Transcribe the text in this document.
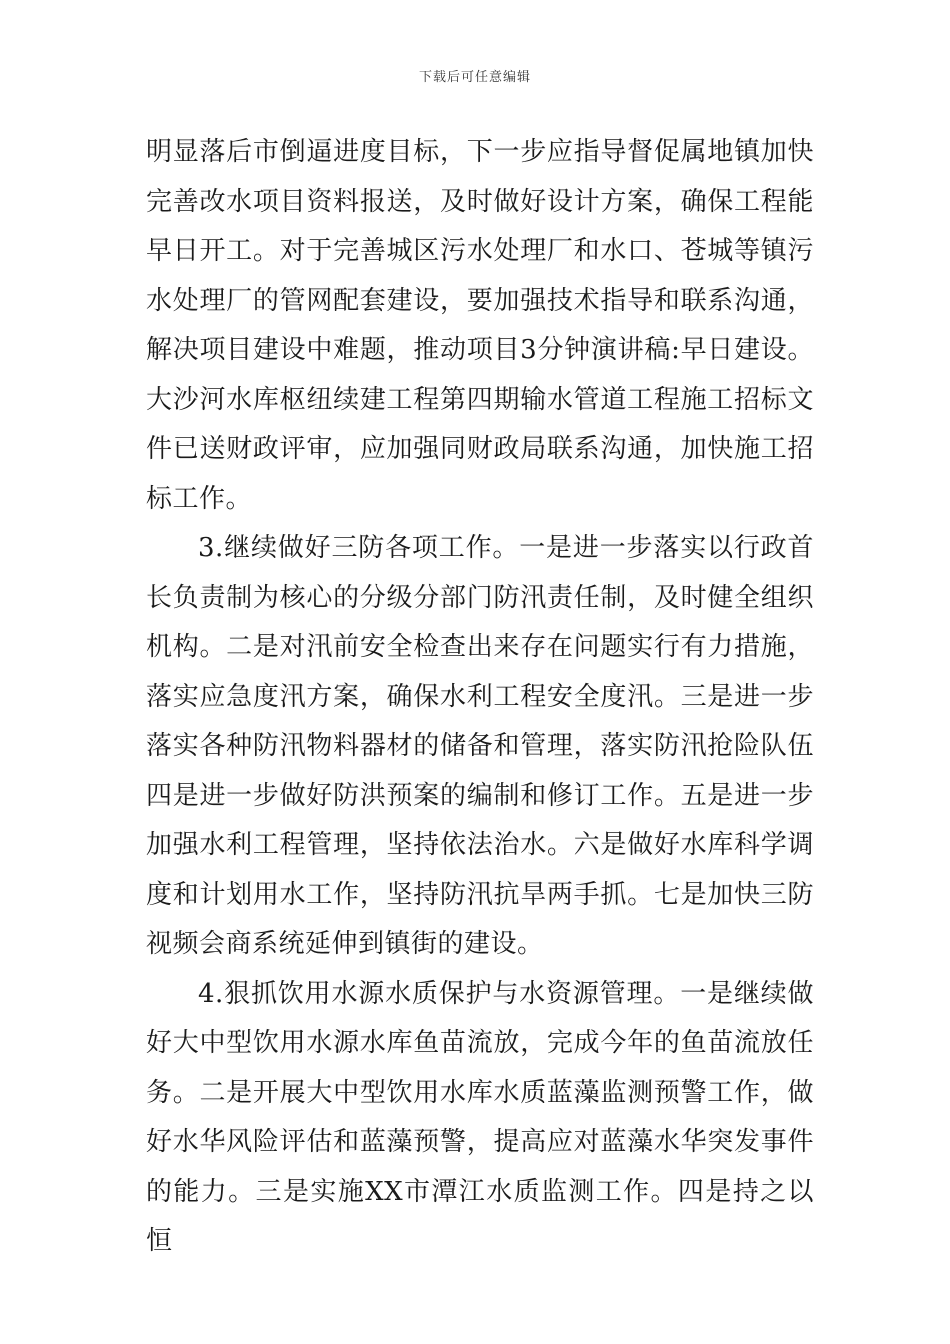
下载后可任意编辑

明显落后市倒逼进度目标，下一步应指导督促属地镇加快完善改水项目资料报送，及时做好设计方案，确保工程能早日开工。对于完善城区污水处理厂和水口、苍城等镇污水处理厂的管网配套建设，要加强技术指导和联系沟通，解决项目建设中难题，推动项目3分钟演讲稿:早日建设。大沙河水库枢纽续建工程第四期输水管道工程施工招标文件已送财政评审，应加强同财政局联系沟通，加快施工招标工作。

3.继续做好三防各项工作。一是进一步落实以行政首长负责制为核心的分级分部门防汛责任制，及时健全组织机构。二是对汛前安全检查出来存在问题实行有力措施，落实应急度汛方案，确保水利工程安全度汛。三是进一步落实各种防汛物料器材的储备和管理，落实防汛抢险队伍四是进一步做好防洪预案的编制和修订工作。五是进一步加强水利工程管理，坚持依法治水。六是做好水库科学调度和计划用水工作，坚持防汛抗旱两手抓。七是加快三防视频会商系统延伸到镇街的建设。

4.狠抓饮用水源水质保护与水资源管理。一是继续做好大中型饮用水源水库鱼苗流放，完成今年的鱼苗流放任务。二是开展大中型饮用水库水质蓝藻监测预警工作，做好水华风险评估和蓝藻预警，提高应对蓝藻水华突发事件的能力。三是实施XX市潭江水质监测工作。四是持之以恒
